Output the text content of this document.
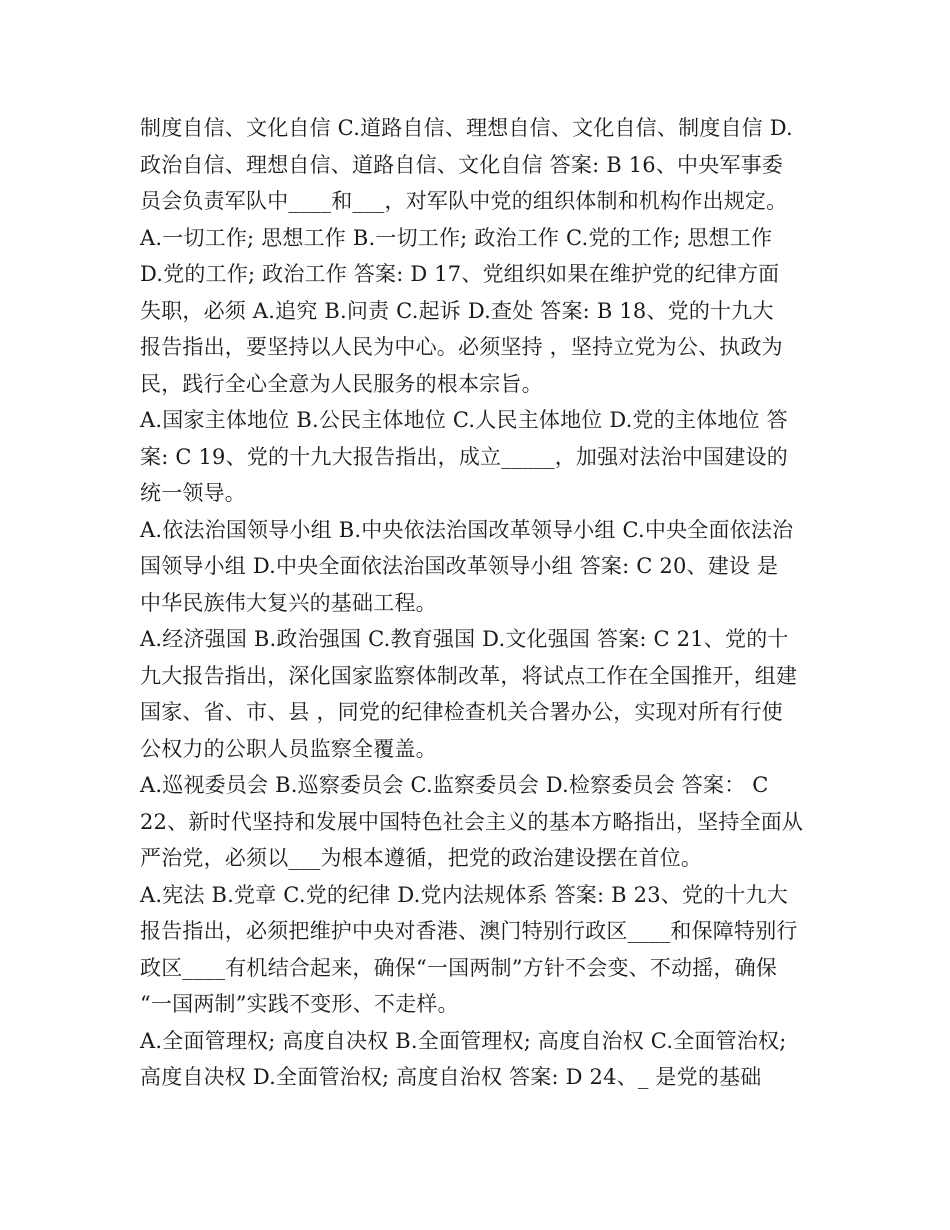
制度自信、文化自信 C.道路自信、理想自信、文化自信、制度自信 D.
政治自信、理想自信、道路自信、文化自信 答案: B 16、中央军事委
员会负责军队中____和___，对军队中党的组织体制和机构作出规定。
A.一切工作; 思想工作 B.一切工作; 政治工作 C.党的工作; 思想工作
D.党的工作; 政治工作 答案: D 17、党组织如果在维护党的纪律方面
失职，必须 A.追究 B.问责 C.起诉 D.查处 答案: B 18、党的十九大
报告指出，要坚持以人民为中心。必须坚持 ，坚持立党为公、执政为
民，践行全心全意为人民服务的根本宗旨。
A.国家主体地位 B.公民主体地位 C.人民主体地位 D.党的主体地位 答
案: C 19、党的十九大报告指出，成立_____，加强对法治中国建设的
统一领导。
A.依法治国领导小组 B.中央依法治国改革领导小组 C.中央全面依法治
国领导小组 D.中央全面依法治国改革领导小组 答案: C 20、建设 是
中华民族伟大复兴的基础工程。
A.经济强国 B.政治强国 C.教育强国 D.文化强国 答案: C 21、党的十
九大报告指出，深化国家监察体制改革，将试点工作在全国推开，组建
国家、省、市、县 ，同党的纪律检查机关合署办公，实现对所有行使
公权力的公职人员监察全覆盖。
A.巡视委员会 B.巡察委员会 C.监察委员会 D.检察委员会 答案： C
22、新时代坚持和发展中国特色社会主义的基本方略指出，坚持全面从
严治党，必须以___为根本遵循，把党的政治建设摆在首位。
A.宪法 B.党章 C.党的纪律 D.党内法规体系 答案: B 23、党的十九大
报告指出，必须把维护中央对香港、澳门特别行政区____和保障特别行
政区____有机结合起来，确保“一国两制”方针不会变、不动摇，确保
“一国两制”实践不变形、不走样。
A.全面管理权; 高度自决权 B.全面管理权; 高度自治权 C.全面管治权;
高度自决权 D.全面管治权; 高度自治权 答案: D 24、_ 是党的基础
